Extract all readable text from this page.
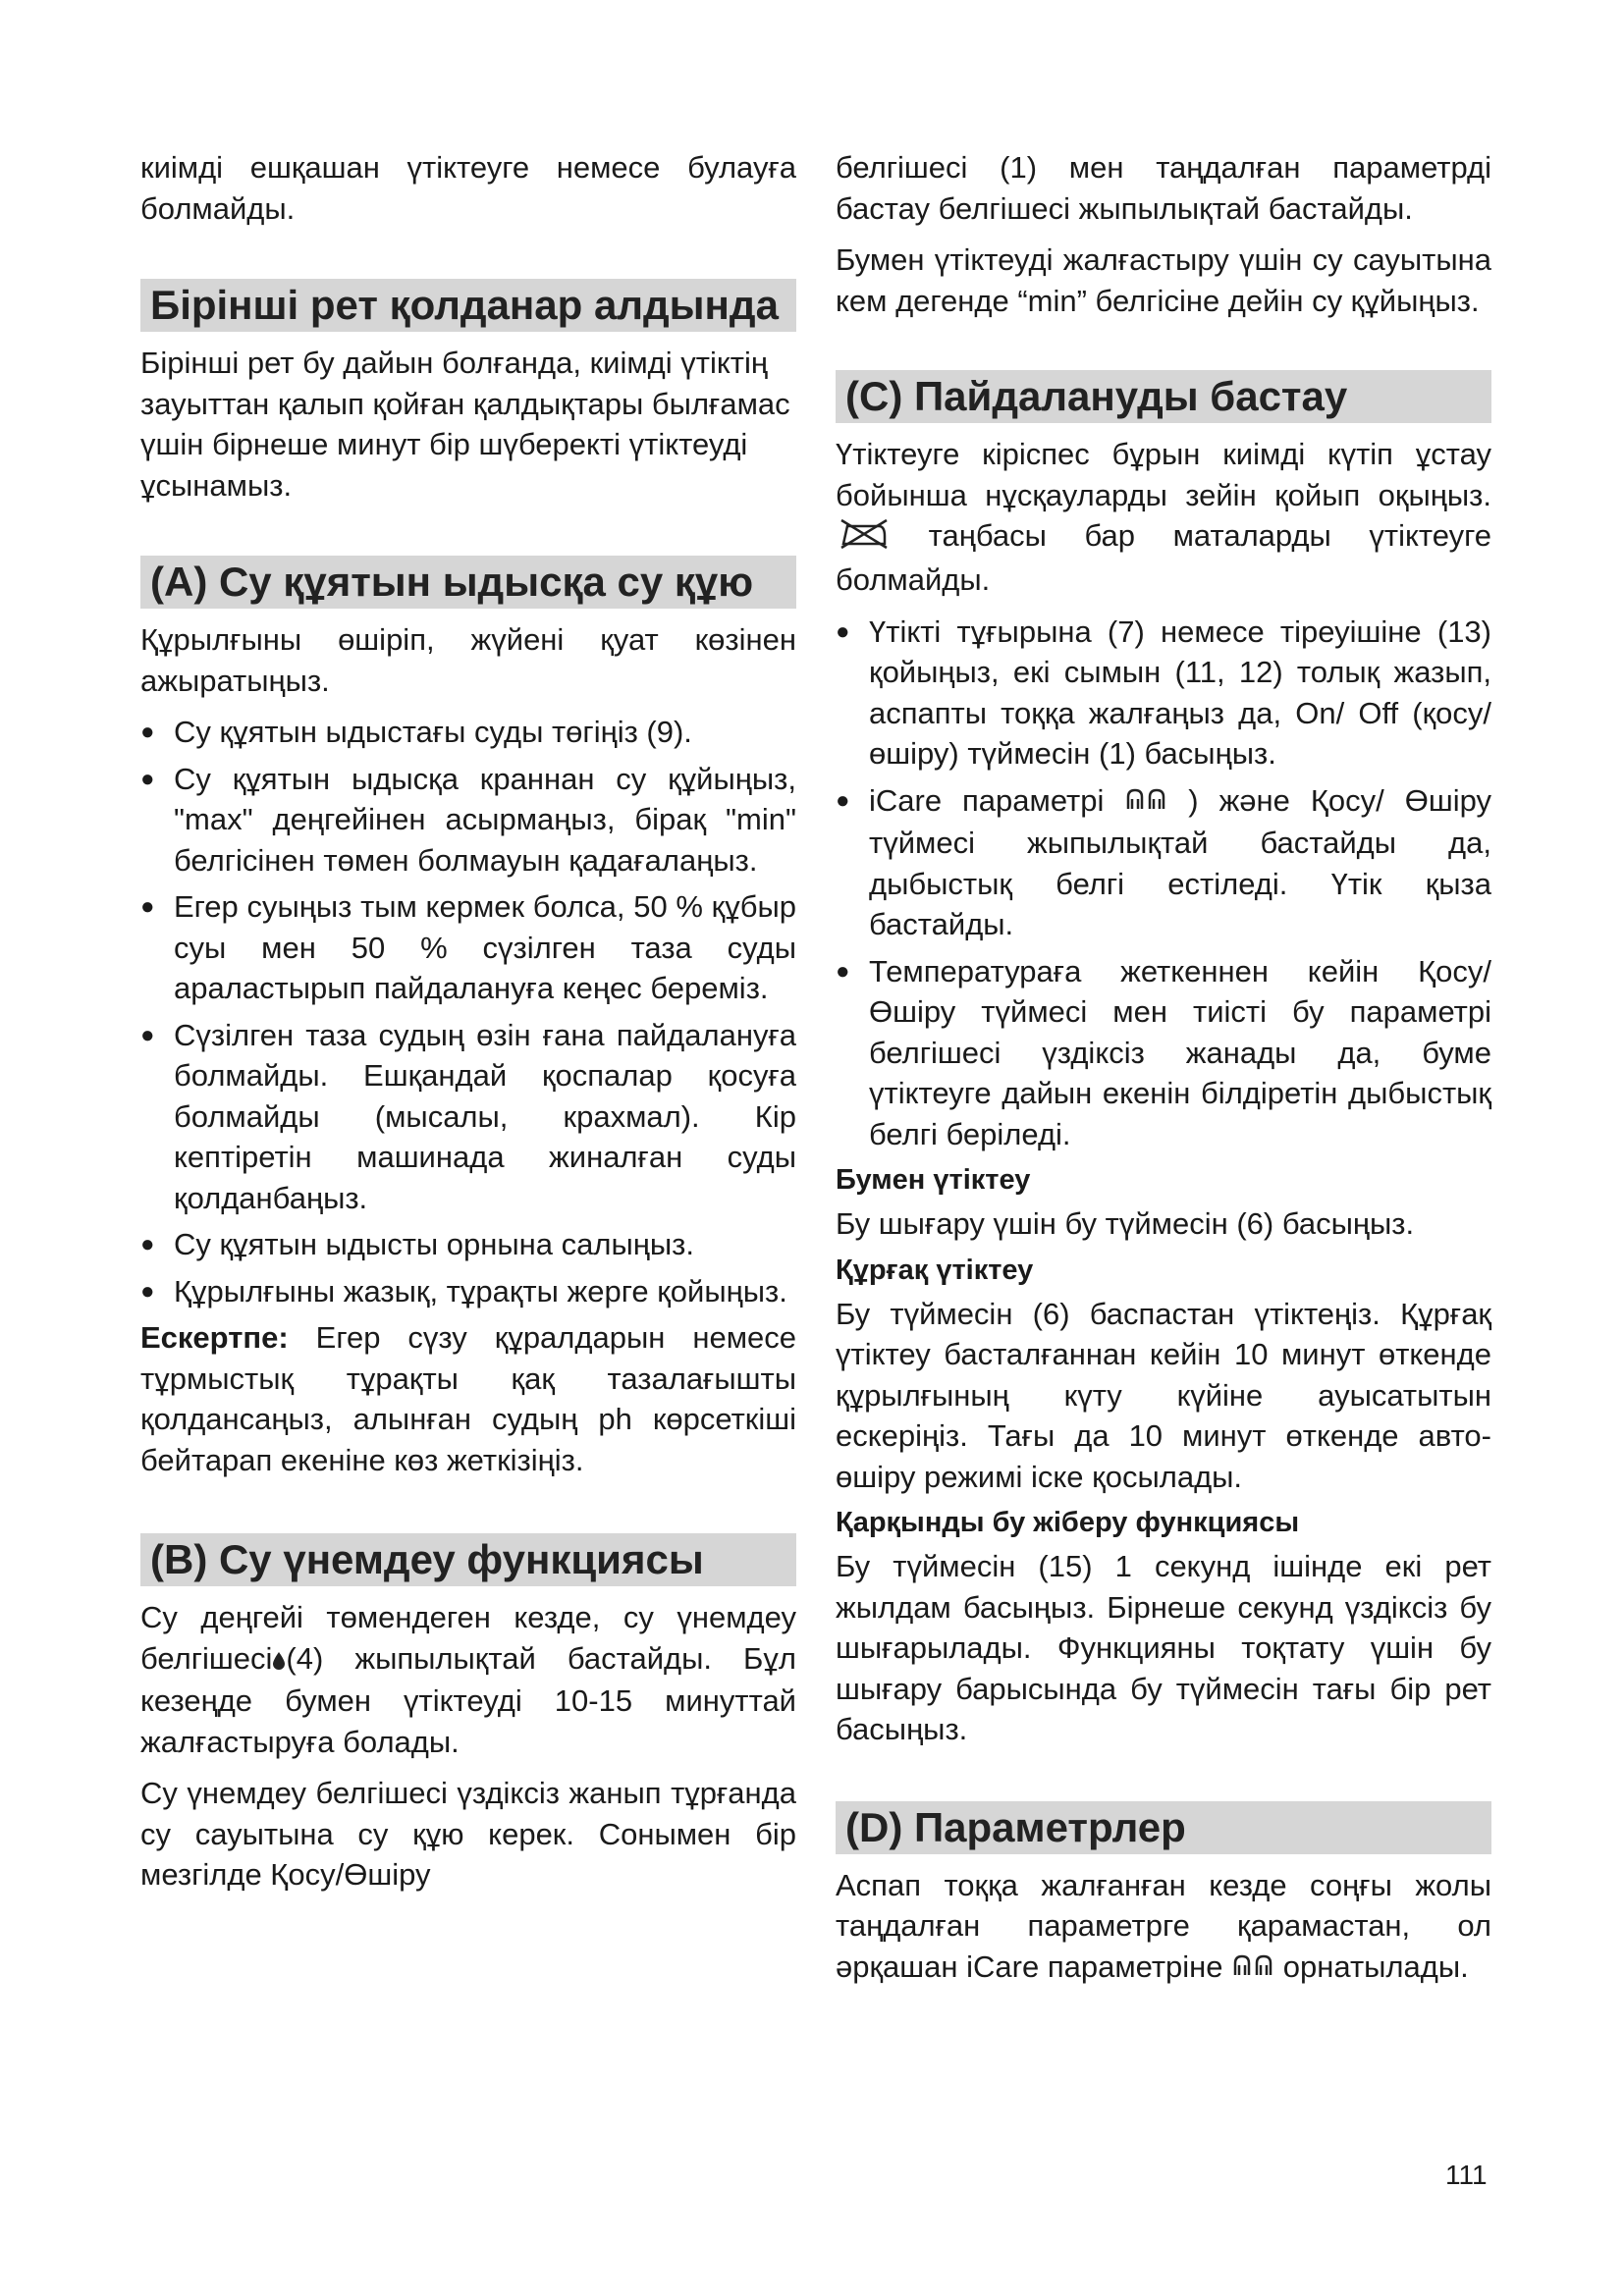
киімді ешқашан үтіктеуге немесе булауға болмайды.

Бірінші рет қолданар алдында

Бірінші рет бу дайын болғанда, киімді үтіктің зауыттан қалып қойған қалдықтары былғамас үшін бірнеше минут бір шүберекті үтіктеуді ұсынамыз.

(A) Су құятын ыдысқа су құю

Құрылғыны өшіріп, жүйені қуат көзінен ажыратыңыз.

● Су құятын ыдыстағы суды төгіңіз (9).
● Су құятын ыдысқа краннан су құйыңыз, "max" деңгейінен асырмаңыз, бірақ "min" белгісінен төмен болмауын қадағалаңыз.
● Егер суыңыз тым кермек болса, 50 % құбыр суы мен 50 % сүзілген таза суды араластырып пайдалануға кеңес береміз.
● Сүзілген таза судың өзін ғана пайдалануға болмайды. Ешқандай қоспалар қосуға болмайды (мысалы, крахмал). Кір кептіретін машинада жиналған суды қолданбаңыз.
● Су құятын ыдысты орнына салыңыз.
● Құрылғыны жазық, тұрақты жерге қойыңыз.

Ескертпе: Егер сүзу құралдарын немесе тұрмыстық тұрақты қақ тазалағышты қолдансаңыз, алынған судың ph көрсеткіші бейтарап екеніне көз жеткізіңіз.

(B) Су үнемдеу функциясы

Су деңгейі төмендеген кезде, су үнемдеу белгішесі (4) жыпылықтай бастайды. Бұл кезеңде бумен үтіктеуді 10-15 минуттай жалғастыруға болады.

Су үнемдеу белгішесі үздіксіз жанып тұрғанда су сауытына су құю керек. Сонымен бір мезгілде Қосу/Өшіру

белгішесі (1) мен таңдалған параметрді бастау белгішесі жыпылықтай бастайды.

Бумен үтіктеуді жалғастыру үшін су сауытына кем дегенде “min” белгісіне дейін су құйыңыз.

(C) Пайдалануды бастау

Үтіктеуге кіріспес бұрын киімді күтіп ұстау бойынша нұсқауларды зейін қойып оқыңыз.  таңбасы бар маталарды үтіктеуге болмайды.

● Үтікті тұғырына (7) немесе тіреуішіне (13) қойыңыз, екі сымын (11, 12) толық жазып, аспапты тоққа жалғаңыз да, On/ Off (қосу/өшіру) түймесін (1) басыңыз.
● iCare параметрі	) және Қосу/ Өшіру түймесі жыпылықтай бастайды да, дыбыстық белгі естіледі. Үтік қыза бастайды.
● Температураға жеткеннен кейін Қосу/ Өшіру түймесі мен тиісті бу параметрі белгішесі үздіксіз жанады да, буме үтіктеуге дайын екенін білдіретін дыбыстық белгі беріледі.
Бумен үтіктеу

Бу шығару үшін бу түймесін (6) басыңыз.

Құрғақ үтіктеу

Бу түймесін (6) баспастан үтіктеңіз. Құрғақ үтіктеу басталғаннан кейін 10 минут өткенде құрылғының күту күйіне ауысатытын ескеріңіз. Тағы да 10 минут өткенде авто-өшіру режимі іске қосылады.

Қарқынды бу жіберу функциясы

Бу түймесін (15) 1 секунд ішінде екі рет жылдам басыңыз. Бірнеше секунд үздіксіз бу шығарылады. Функцияны тоқтату үшін бу шығару барысында бу түймесін тағы бір рет басыңыз.

(D) Параметрлер

Аспап тоққа жалғанған кезде соңғы жолы таңдалған параметрге қарамастан, ол әрқашан iCare параметріне орнатылады.

111
